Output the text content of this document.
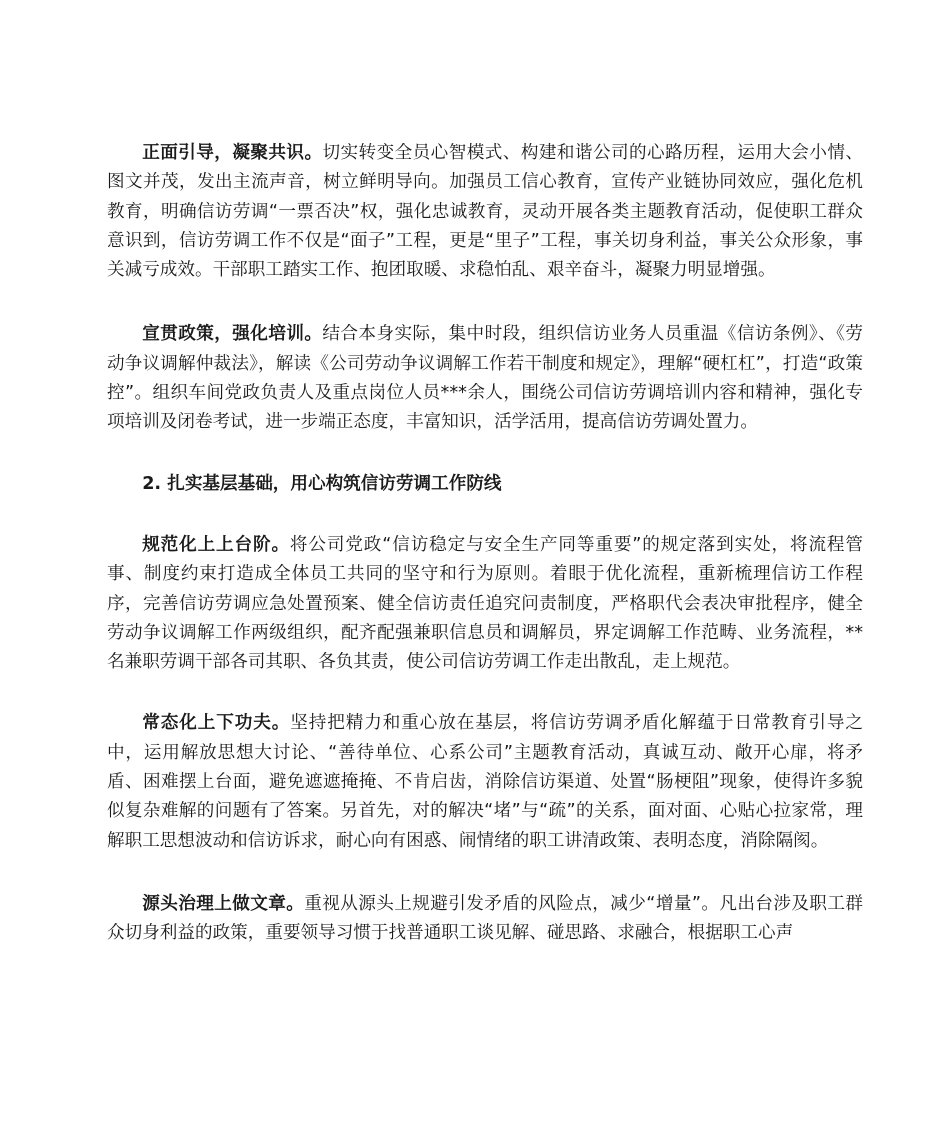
正面引导，凝聚共识。切实转变全员心智模式、构建和谐公司的心路历程，运用大会小情、图文并茂，发出主流声音，树立鲜明导向。加强员工信心教育，宣传产业链协同效应，强化危机教育，明确信访劳调“一票否决”权，强化忠诚教育，灵动开展各类主题教育活动，促使职工群众意识到，信访劳调工作不仅是“面子”工程，更是“里子”工程，事关切身利益，事关公众形象，事关减亏成效。干部职工踏实工作、抱团取暖、求稳怕乱、艰辛奋斗，凝聚力明显增强。

宣贯政策，强化培训。结合本身实际，集中时段，组织信访业务人员重温《信访条例》、《劳动争议调解仲裁法》，解读《公司劳动争议调解工作若干制度和规定》，理解“硬杠杠”，打造“政策控”。组织车间党政负责人及重点岗位人员***余人，围绕公司信访劳调培训内容和精神，强化专项培训及闭卷考试，进一步端正态度，丰富知识，活学活用，提高信访劳调处置力。

2. 扎实基层基础，用心构筑信访劳调工作防线

规范化上上台阶。将公司党政“信访稳定与安全生产同等重要”的规定落到实处，将流程管事、制度约束打造成全体员工共同的坚守和行为原则。着眼于优化流程，重新梳理信访工作程序，完善信访劳调应急处置预案、健全信访责任追究问责制度，严格职代会表决审批程序，健全劳动争议调解工作两级组织，配齐配强兼职信息员和调解员，界定调解工作范畴、业务流程，**名兼职劳调干部各司其职、各负其责，使公司信访劳调工作走出散乱，走上规范。

常态化上下功夫。坚持把精力和重心放在基层，将信访劳调矛盾化解蕴于日常教育引导之中，运用解放思想大讨论、“善待单位、心系公司”主题教育活动，真诚互动、敞开心扉，将矛盾、困难摆上台面，避免遮遮掩掩、不肯启齿，消除信访渠道、处置“肠梗阻”现象，使得许多貌似复杂难解的问题有了答案。另首先，对的解决“堵”与“疏”的关系，面对面、心贴心拉家常，理解职工思想波动和信访诉求，耐心向有困惑、闹情绪的职工讲清政策、表明态度，消除隔阂。

源头治理上做文章。重视从源头上规避引发矛盾的风险点，减少“增量”。凡出台涉及职工群众切身利益的政策，重要领导习惯于找普通职工谈见解、碰思路、求融合，根据职工心声
